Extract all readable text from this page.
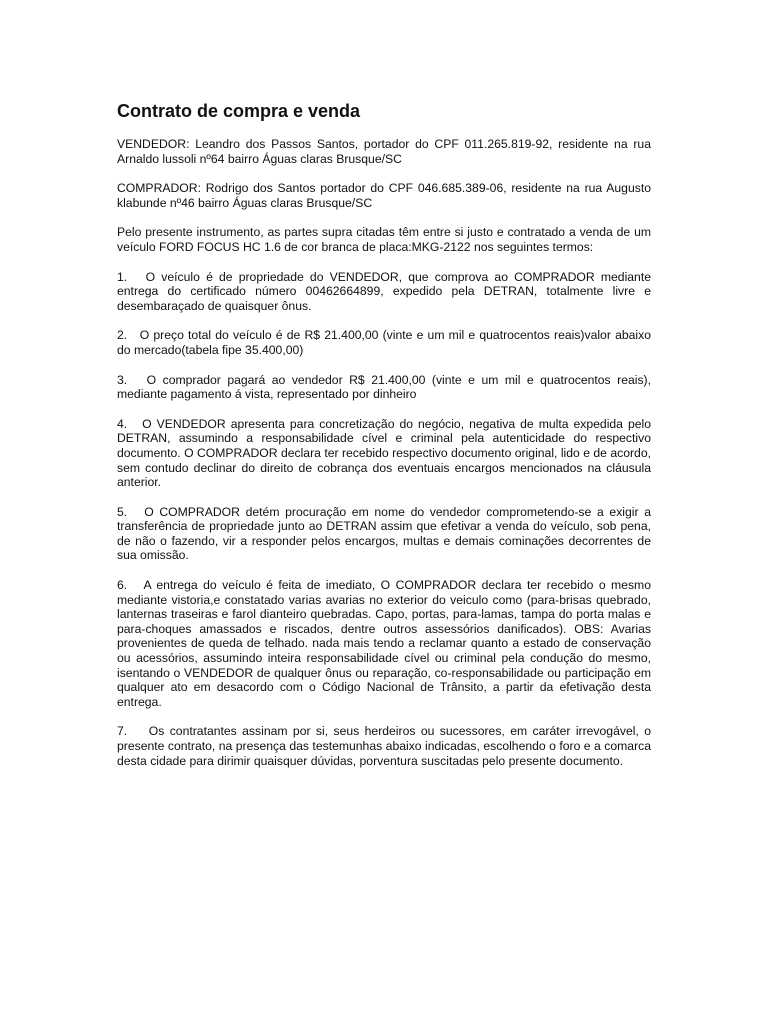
Contrato de compra e venda

VENDEDOR: Leandro dos Passos Santos, portador do CPF 011.265.819-92, residente na rua Arnaldo lussoli nº64 bairro Águas claras Brusque/SC

COMPRADOR: Rodrigo dos Santos portador do CPF 046.685.389-06, residente na rua Augusto klabunde nº46 bairro Águas claras Brusque/SC

Pelo presente instrumento, as partes supra citadas têm entre si justo e contratado a venda de um veículo FORD FOCUS HC 1.6 de cor branca de placa:MKG-2122 nos seguintes termos:

1. O veículo é de propriedade do VENDEDOR, que comprova ao COMPRADOR mediante entrega do certificado número 00462664899, expedido pela DETRAN, totalmente livre e desembaraçado de quaisquer ônus.

2. O preço total do veículo é de R$ 21.400,00 (vinte e um mil e quatrocentos reais)valor abaixo do mercado(tabela fipe 35.400,00)

3. O comprador pagará ao vendedor R$ 21.400,00 (vinte e um mil e quatrocentos reais), mediante pagamento á vista, representado por dinheiro

4. O VENDEDOR apresenta para concretização do negócio, negativa de multa expedida pelo DETRAN, assumindo a responsabilidade cível e criminal pela autenticidade do respectivo documento. O COMPRADOR declara ter recebido respectivo documento original, lido e de acordo, sem contudo declinar do direito de cobrança dos eventuais encargos mencionados na cláusula anterior.

5. O COMPRADOR detém procuração em nome do vendedor comprometendo-se a exigir a transferência de propriedade junto ao DETRAN assim que efetivar a venda do veículo, sob pena, de não o fazendo, vir a responder pelos encargos, multas e demais cominações decorrentes de sua omissão.

6. A entrega do veículo é feita de imediato, O COMPRADOR declara ter recebido o mesmo mediante vistoria,e constatado varias avarias no exterior do veiculo como (para-brisas quebrado, lanternas traseiras e farol dianteiro quebradas. Capo, portas, para-lamas, tampa do porta malas e para-choques amassados e riscados, dentre outros assessórios danificados). OBS: Avarias provenientes de queda de telhado. nada mais tendo a reclamar quanto a estado de conservação ou acessórios, assumindo inteira responsabilidade cível ou criminal pela condução do mesmo, isentando o VENDEDOR de qualquer ônus ou reparação, co-responsabilidade ou participação em qualquer ato em desacordo com o Código Nacional de Trânsito, a partir da efetivação desta entrega.

7. Os contratantes assinam por si, seus herdeiros ou sucessores, em caráter irrevogável, o presente contrato, na presença das testemunhas abaixo indicadas, escolhendo o foro e a comarca desta cidade para dirimir quaisquer dúvidas, porventura suscitadas pelo presente documento.
